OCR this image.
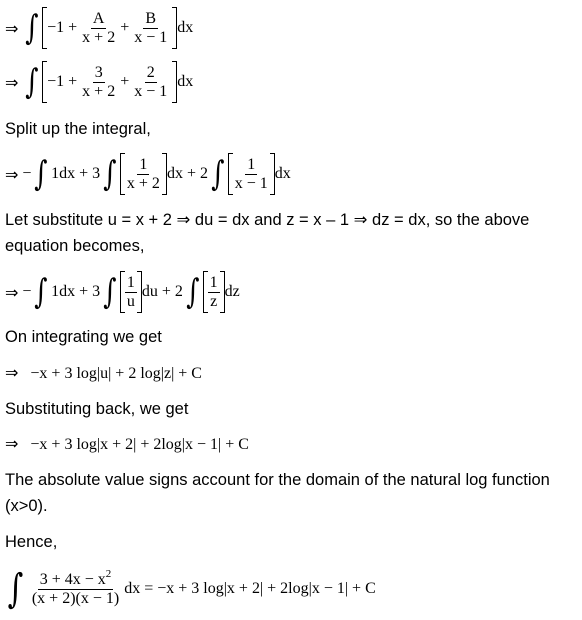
⇒
∫ $-1 + \frac{A}{x + 2} + \frac{B}{x - 1}$ dx
⇒
∫ $-1 + \frac{3}{x + 2} + \frac{2}{x - 1}$ dx
Split up the integral,
⇒
− ∫ 1dx + 3 ∫ $\frac{1}{x + 2}$ dx + 2 ∫ $\frac{1}{x - 1}$ dx
Let substitute u = x + 2 ⇒ du = dx and z = x – 1 ⇒ dz = dx, so the above
equation becomes,
⇒
− ∫ 1dx + 3 ∫ $\frac{1}{u}$ du + 2 ∫ $\frac{1}{z}$ dz
On integrating we get
⇒ −x + 3 log|u| + 2 log|z| + C
Substituting back, we get
⇒ −x + 3 log|x + 2| + 2log|x − 1| + C
The absolute value signs account for the domain of the natural log function
(x>0).
Hence,
∫ $\frac{3 + 4x - x^2}{(x + 2)(x - 1)}$ dx = −x + 3 log|x + 2| + 2log|x − 1| + C
